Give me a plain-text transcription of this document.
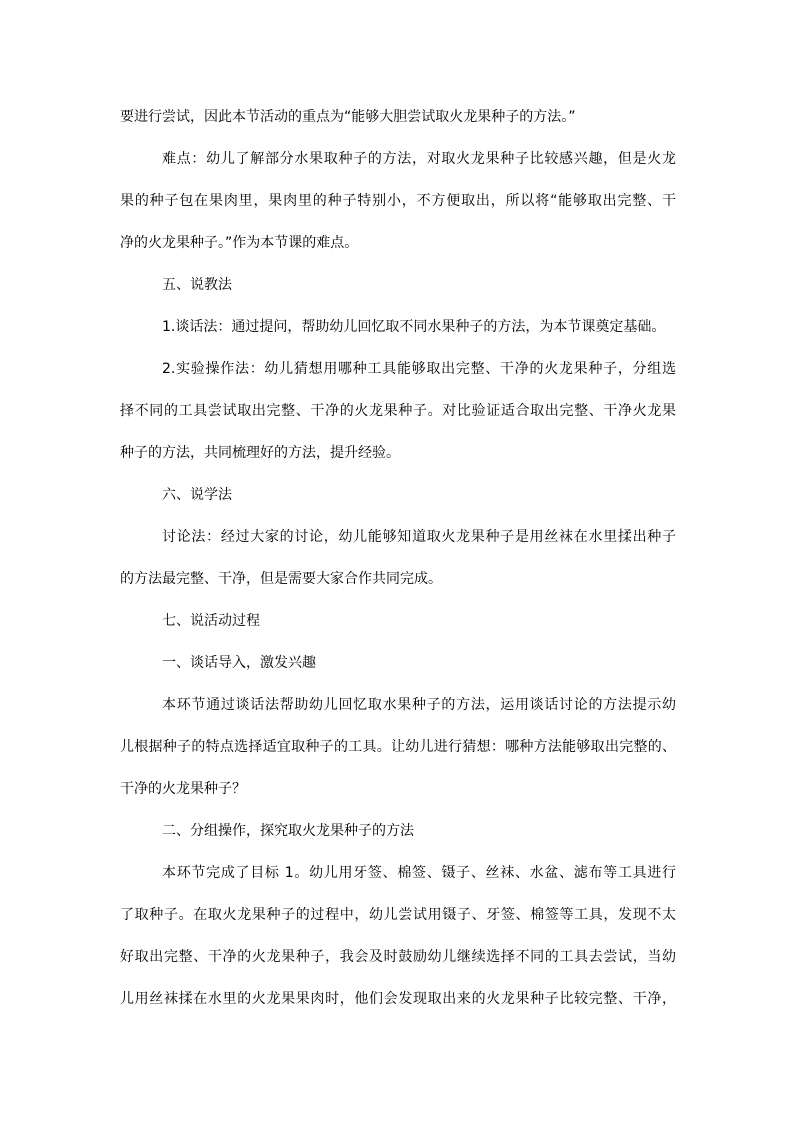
要进行尝试，因此本节活动的重点为“能够大胆尝试取火龙果种子的方法。”
难点：幼儿了解部分水果取种子的方法，对取火龙果种子比较感兴趣，但是火龙
果的种子包在果肉里，果肉里的种子特别小，不方便取出，所以将“能够取出完整、干
净的火龙果种子。”作为本节课的难点。
五、说教法
1.谈话法：通过提问，帮助幼儿回忆取不同水果种子的方法，为本节课奠定基础。
2.实验操作法：幼儿猜想用哪种工具能够取出完整、干净的火龙果种子，分组选
择不同的工具尝试取出完整、干净的火龙果种子。对比验证适合取出完整、干净火龙果
种子的方法，共同梳理好的方法，提升经验。
六、说学法
讨论法：经过大家的讨论，幼儿能够知道取火龙果种子是用丝袜在水里揉出种子
的方法最完整、干净，但是需要大家合作共同完成。
七、说活动过程
一、谈话导入，激发兴趣
本环节通过谈话法帮助幼儿回忆取水果种子的方法，运用谈话讨论的方法提示幼
儿根据种子的特点选择适宜取种子的工具。让幼儿进行猜想：哪种方法能够取出完整的、
干净的火龙果种子？
二、分组操作，探究取火龙果种子的方法
本环节完成了目标 1。幼儿用牙签、棉签、镊子、丝袜、水盆、滤布等工具进行
了取种子。在取火龙果种子的过程中，幼儿尝试用镊子、牙签、棉签等工具，发现不太
好取出完整、干净的火龙果种子，我会及时鼓励幼儿继续选择不同的工具去尝试，当幼
儿用丝袜揉在水里的火龙果果肉时，他们会发现取出来的火龙果种子比较完整、干净，
